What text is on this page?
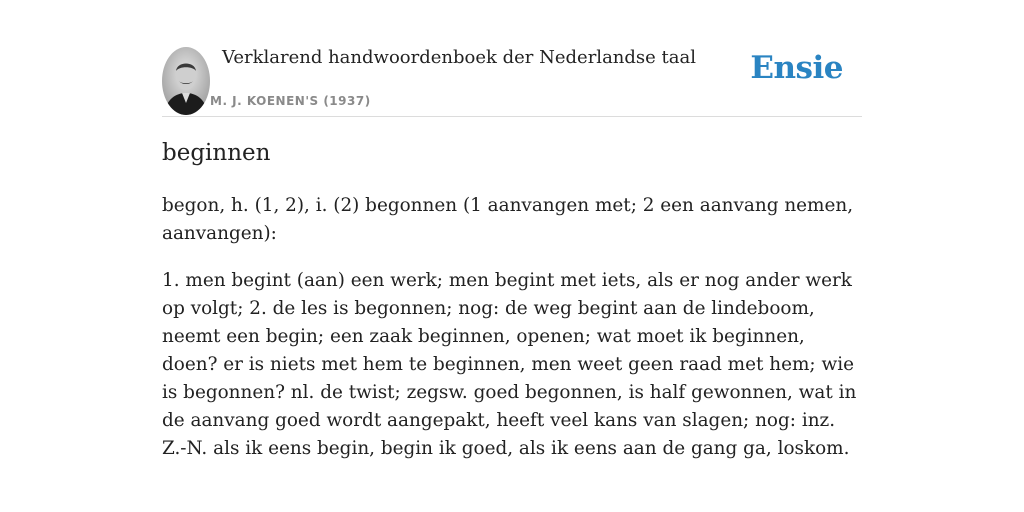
Verklarend handwoordenboek der Nederlandse taal
M. J. KOENEN'S (1937)
Ensie
beginnen

begon, h. (1, 2), i. (2) begonnen (1 aanvangen met; 2 een aanvang nemen, aanvangen):

1. men begint (aan) een werk; men begint met iets, als er nog ander werk op volgt; 2. de les is begonnen; nog: de weg begint aan de lindeboom, neemt een begin; een zaak beginnen, openen; wat moet ik beginnen, doen? er is niets met hem te beginnen, men weet geen raad met hem; wie is begonnen? nl. de twist; zegsw. goed begonnen, is half gewonnen, wat in de aanvang goed wordt aangepakt, heeft veel kans van slagen; nog: inz. Z.-N. als ik eens begin, begin ik goed, als ik eens aan de gang ga, loskom.
